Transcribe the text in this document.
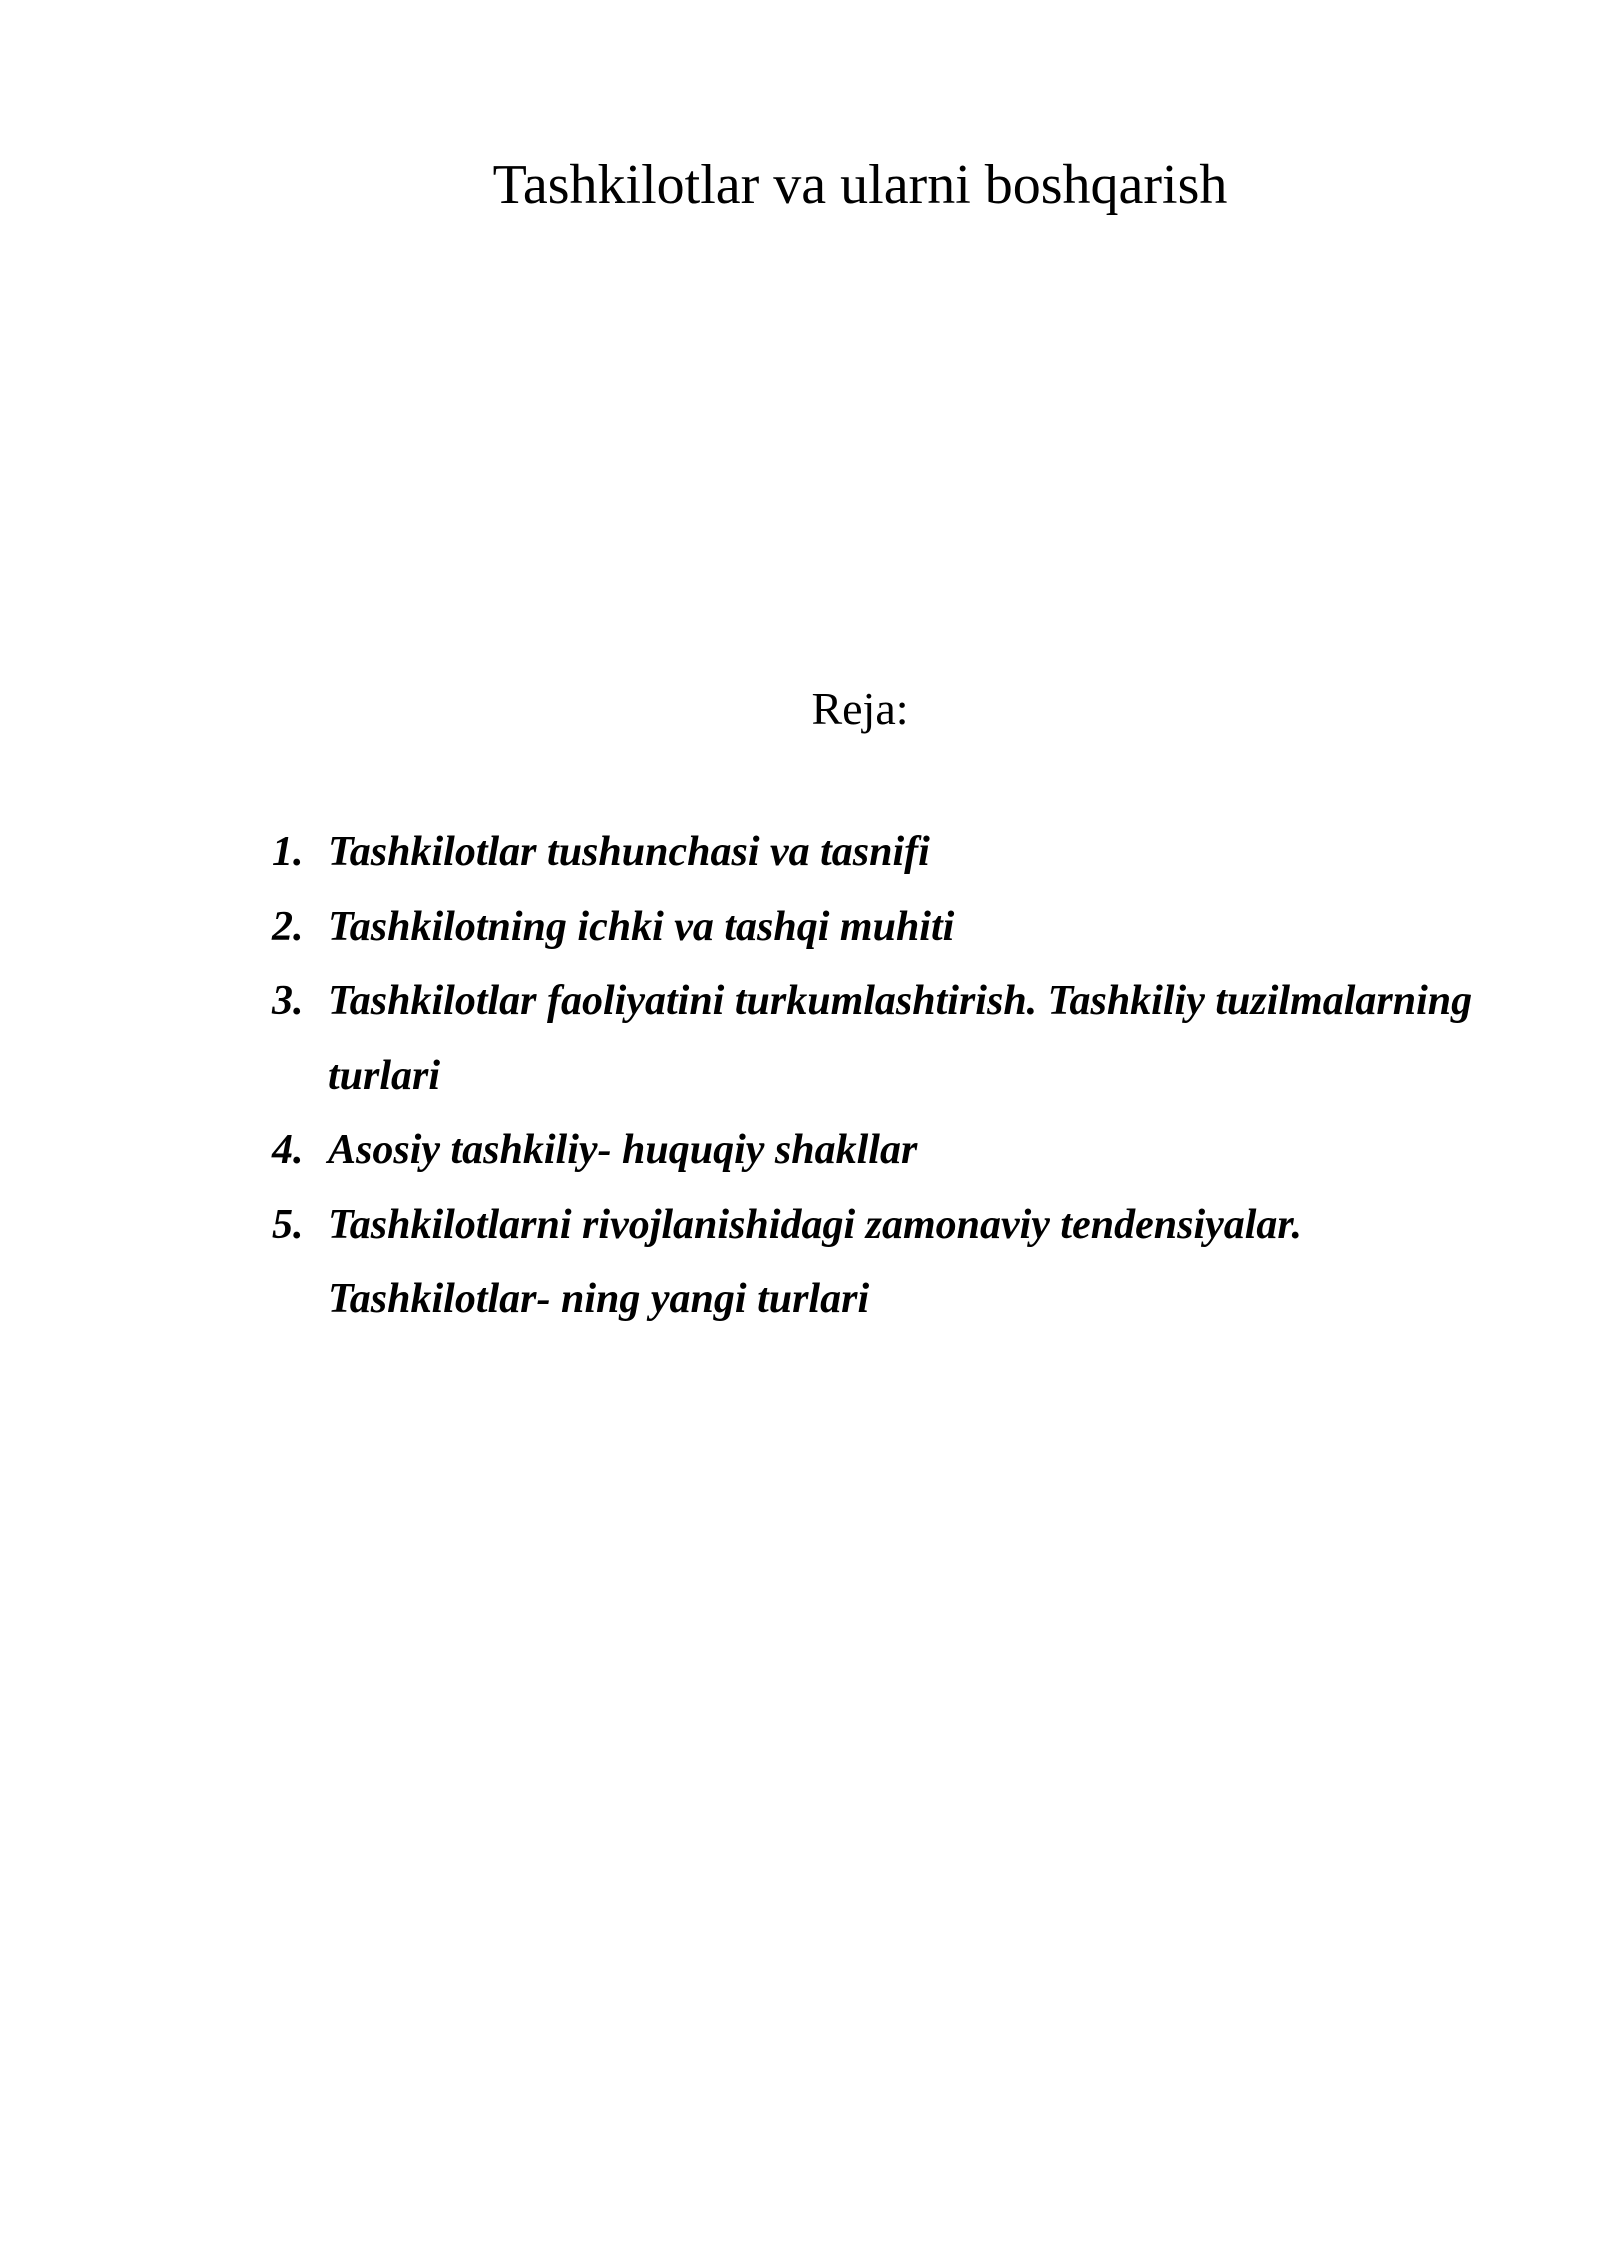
Tashkilotlar va ularni boshqarish
Reja:
1. Tashkilotlar tushunchasi va tasnifi
2. Tashkilotning ichki va tashqi muhiti
3. Tashkilotlar faoliyatini turkumlashtirish. Tashkiliy tuzilmalarning turlari
4. Asosiy tashkiliy- huquqiy shakllar
5. Tashkilotlarni rivojlanishidagi zamonaviy tendensiyalar. Tashkilotlar- ning yangi turlari
